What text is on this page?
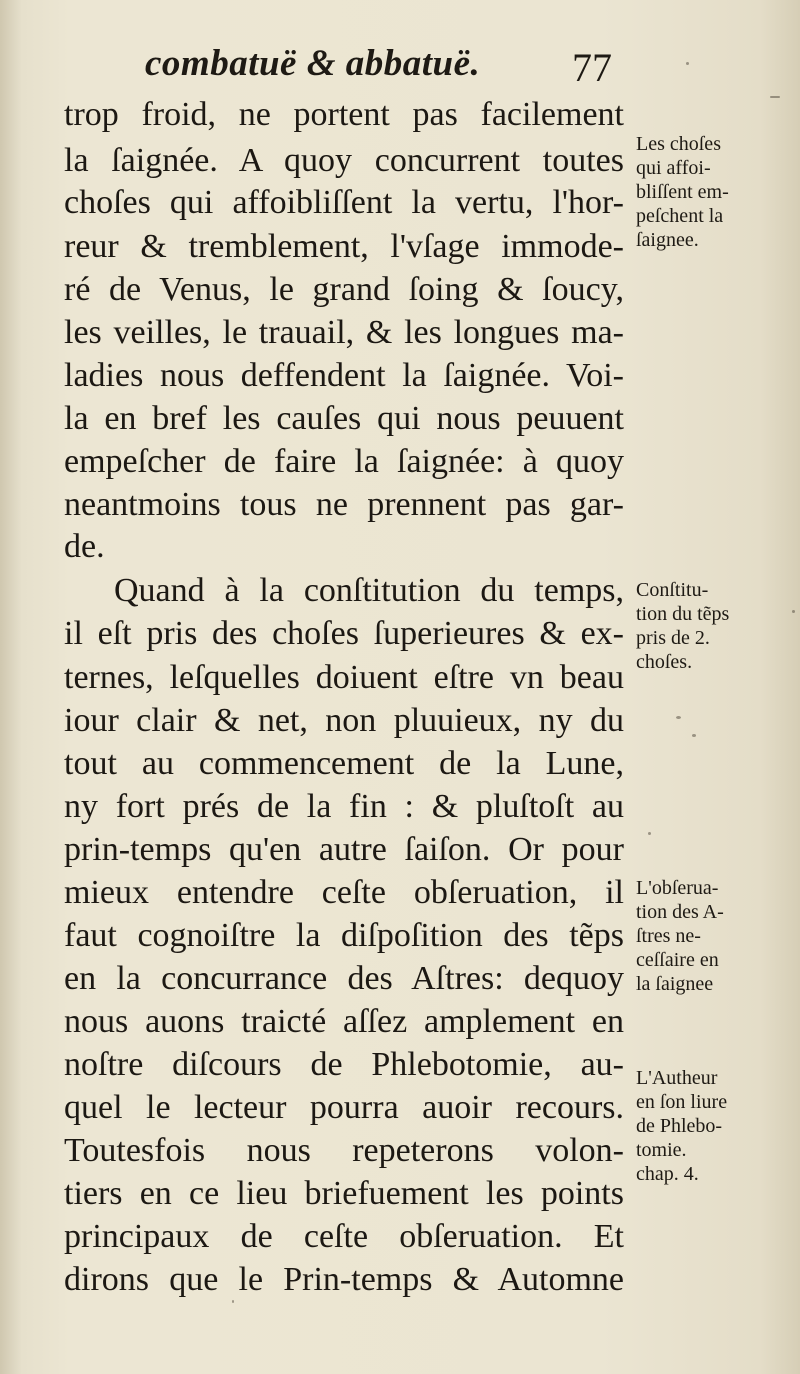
combatuë & abbatuë. 77
trop froid, ne portent pas facilement
la ſaignée. A quoy concurrent toutes
choſes qui affoibliſſent la vertu, l'hor-
reur & tremblement, l'vſage immode-
ré de Venus, le grand ſoing & ſoucy,
les veilles, le trauail, & les longues ma-
ladies nous deffendent la ſaignée. Voi-
la en bref les cauſes qui nous peuuent
empeſcher de faire la ſaignée: à quoy
neantmoins tous ne prennent pas gar-
de.
Quand à la conſtitution du temps,
il eſt pris des choſes ſuperieures & ex-
ternes, leſquelles doiuent eſtre vn beau
iour clair & net, non pluuieux, ny du
tout au commencement de la Lune,
ny fort prés de la fin : & pluſtoſt au
prin-temps qu'en autre ſaiſon. Or pour
mieux entendre ceſte obſeruation, il
faut cognoiſtre la diſpoſition des tẽps
en la concurrance des Aſtres: dequoy
nous auons traicté aſſez amplement en
noſtre diſcours de Phlebotomie, au-
quel le lecteur pourra auoir recours.
Toutesfois nous repeterons volon-
tiers en ce lieu briefuement les points
principaux de ceſte obſeruation. Et
dirons que le Prin-temps & Automne
Les choſes
qui affoi-
bliſſent em-
peſchent la
ſaignee.
Conſtitu-
tion du tẽps
pris de 2.
choſes.
L'obſerua-
tion des A-
ſtres ne-
ceſſaire en
la ſaignee
L'Autheur
en ſon liure
de Phlebo-
tomie.
chap. 4.
